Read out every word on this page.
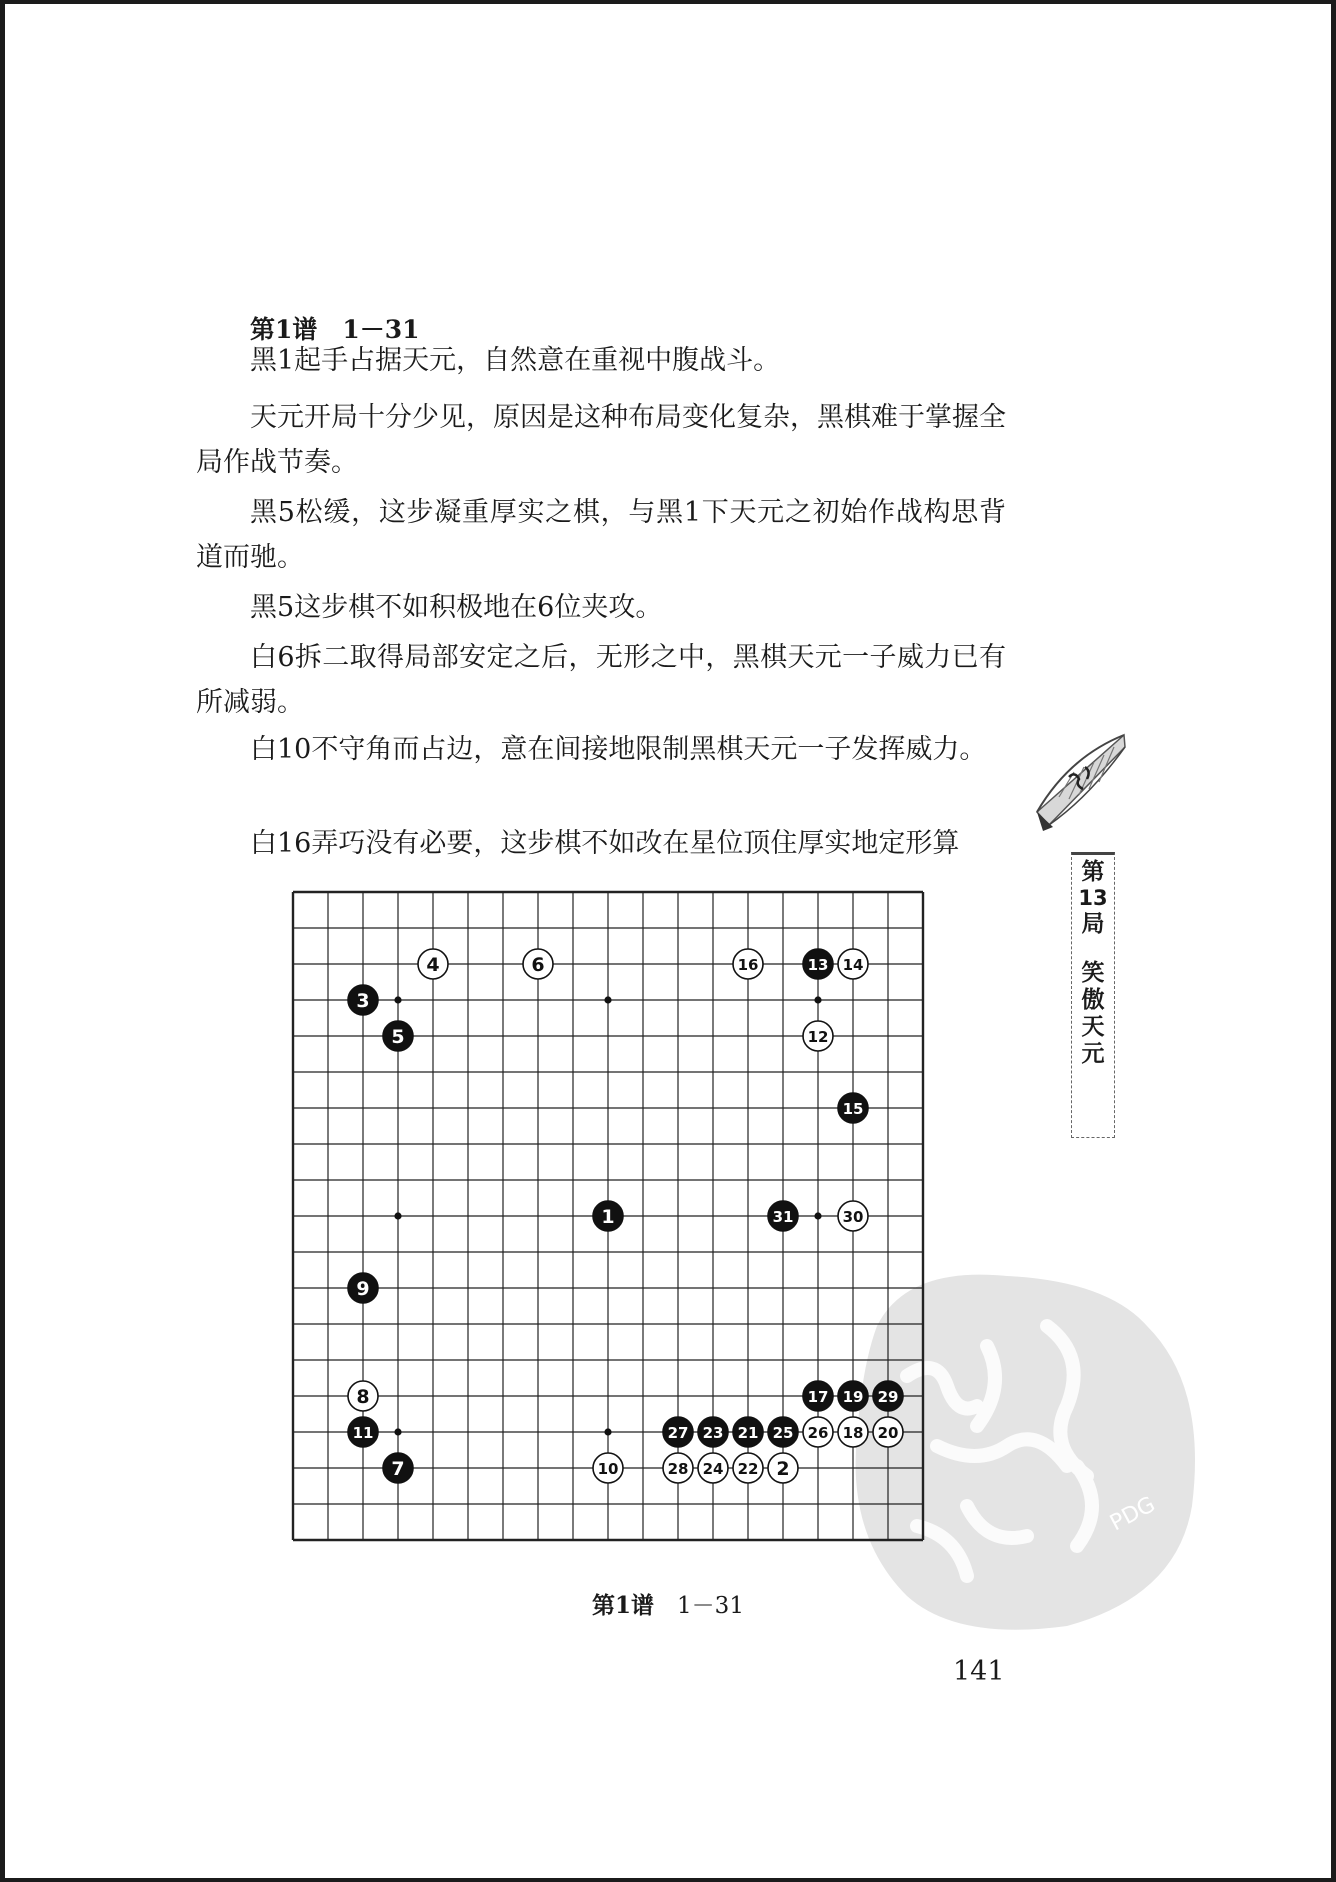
第1谱　1－31

黑1起手占据天元，自然意在重视中腹战斗。

天元开局十分少见，原因是这种布局变化复杂，黑棋难于掌握全局作战节奏。

黑5松缓，这步凝重厚实之棋，与黑1下天元之初始作战构思背道而驰。

黑5这步棋不如积极地在6位夹攻。

白6拆二取得局部安定之后，无形之中，黑棋天元一子威力已有所减弱。

白10不守角而占边，意在间接地限制黑棋天元一子发挥威力。

白16弄巧没有必要，这步棋不如改在星位顶住厚实地定形算

PDG
1
2
3
4
5
6
7
8
9
10
11
12
13 14
15
16
17
18
19
20
21
22
23
24
25 26
27
28
29
30
31
第1谱　 1－31
141
第
13
局
笑
傲
天
元
